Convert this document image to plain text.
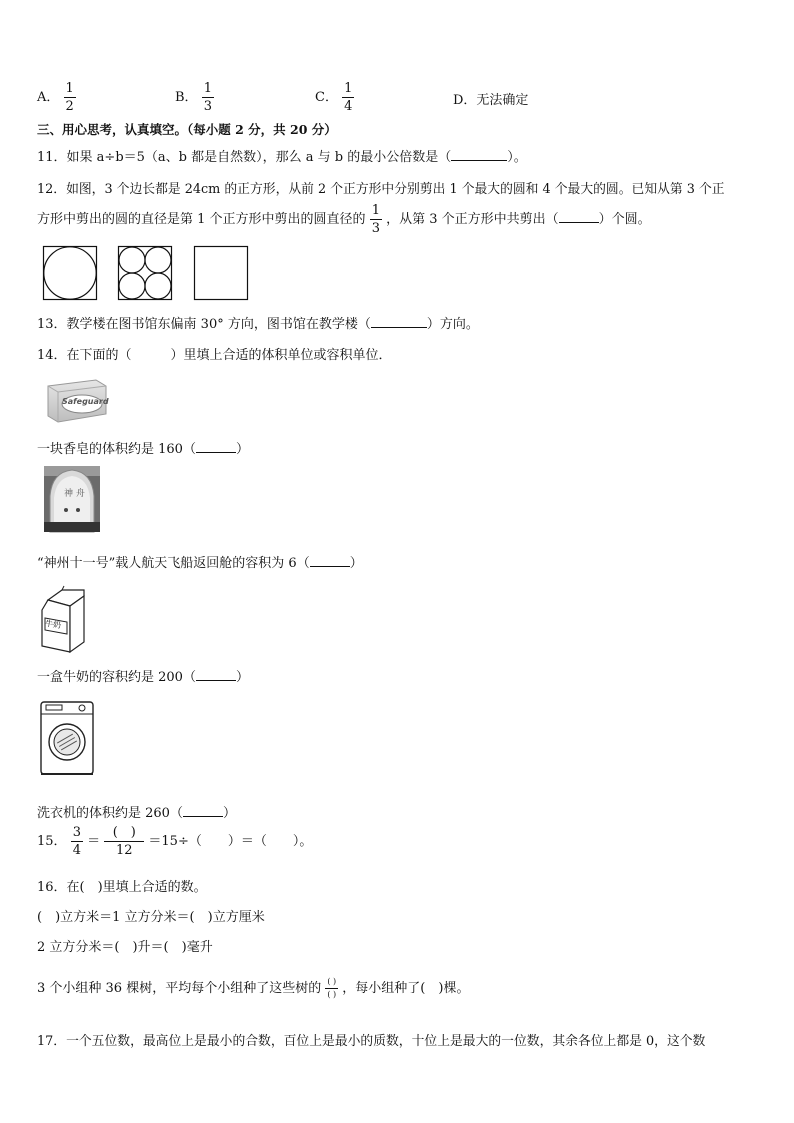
A． $\frac{1}{2}$	B． $\frac{1}{3}$	C． $\frac{1}{4}$	D．无法确定
三、用心思考，认真填空。（每小题 2 分，共 20 分）
11．如果 a÷b＝5（a、b 都是自然数），那么 a 与 b 的最小公倍数是（	）。
12．如图，3 个边长都是 24cm 的正方形，从前 2 个正方形中分别剪出 1 个最大的圆和 4 个最大的圆。已知从第 3 个正
方形中剪出的圆的直径是第 1 个正方形中剪出的圆直径的 $\frac{1}{3}$ ，从第 3 个正方形中共剪出（	）个圆。
13．教学楼在图书馆东偏南 30° 方向，图书馆在教学楼（	）方向。
14．在下面的（　　　）里填上合适的体积单位或容积单位．
Safeguard
一块香皂的体积约是 160（	）
神 舟
“神州十一号”载人航天飞船返回舱的容积为 6（	）
牛奶
一盒牛奶的容积约是 200（	）
洗衣机的体积约是 260（	）
15． $\frac{3}{4} = \frac{( )}{12} =15\div$（　　）＝（　　）。
16．在(　)里填上合适的数。
(　)立方米＝1 立方分米＝(　)立方厘米
2 立方分米＝(　)升＝(　)毫升
3 个小组种 36 棵树，平均每个小组种了这些树的 $\frac{( )}{( )}$ ，每小组种了(　)棵。
17．一个五位数，最高位上是最小的合数，百位上是最小的质数，十位上是最大的一位数，其余各位上都是 0，这个数
